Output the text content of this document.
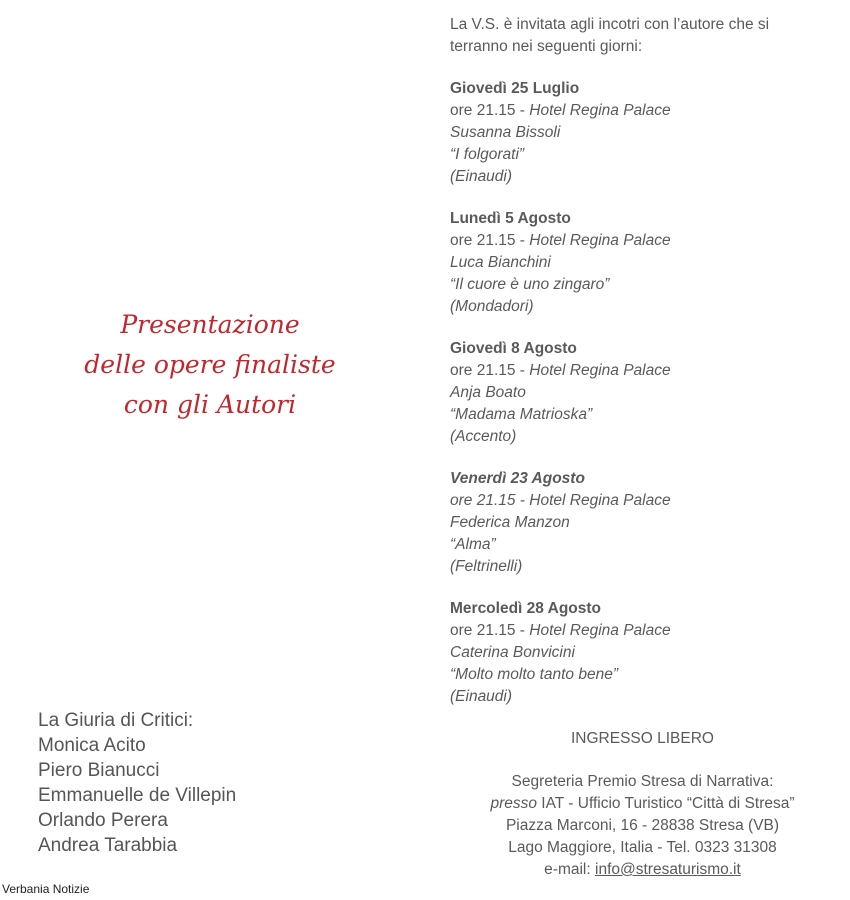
Presentazione
delle opere finaliste
con gli Autori
La Giuria di Critici:
Monica Acito
Piero Bianucci
Emmanuelle de Villepin
Orlando Perera
Andrea Tarabbia
Verbania Notizie
La V.S. è invitata agli incotri con l’autore che si
terranno nei seguenti giorni:
Giovedì 25 Luglio
ore 21.15 - Hotel Regina Palace
Susanna Bissoli
“I folgorati”
(Einaudi)
Lunedì 5 Agosto
ore 21.15 - Hotel Regina Palace
Luca Bianchini
“Il cuore è uno zingaro”
(Mondadori)
Giovedì 8 Agosto
ore 21.15 - Hotel Regina Palace
Anja Boato
“Madama Matrioska”
(Accento)
Venerdì 23 Agosto
ore 21.15 - Hotel Regina Palace
Federica Manzon
“Alma”
(Feltrinelli)
Mercoledì 28 Agosto
ore 21.15 - Hotel Regina Palace
Caterina Bonvicini
“Molto molto tanto bene”
(Einaudi)
INGRESSO LIBERO
Segreteria Premio Stresa di Narrativa:
presso IAT - Ufficio Turistico “Città di Stresa”
Piazza Marconi, 16 - 28838 Stresa (VB)
Lago Maggiore, Italia - Tel. 0323 31308
e-mail: info@stresaturismo.it
